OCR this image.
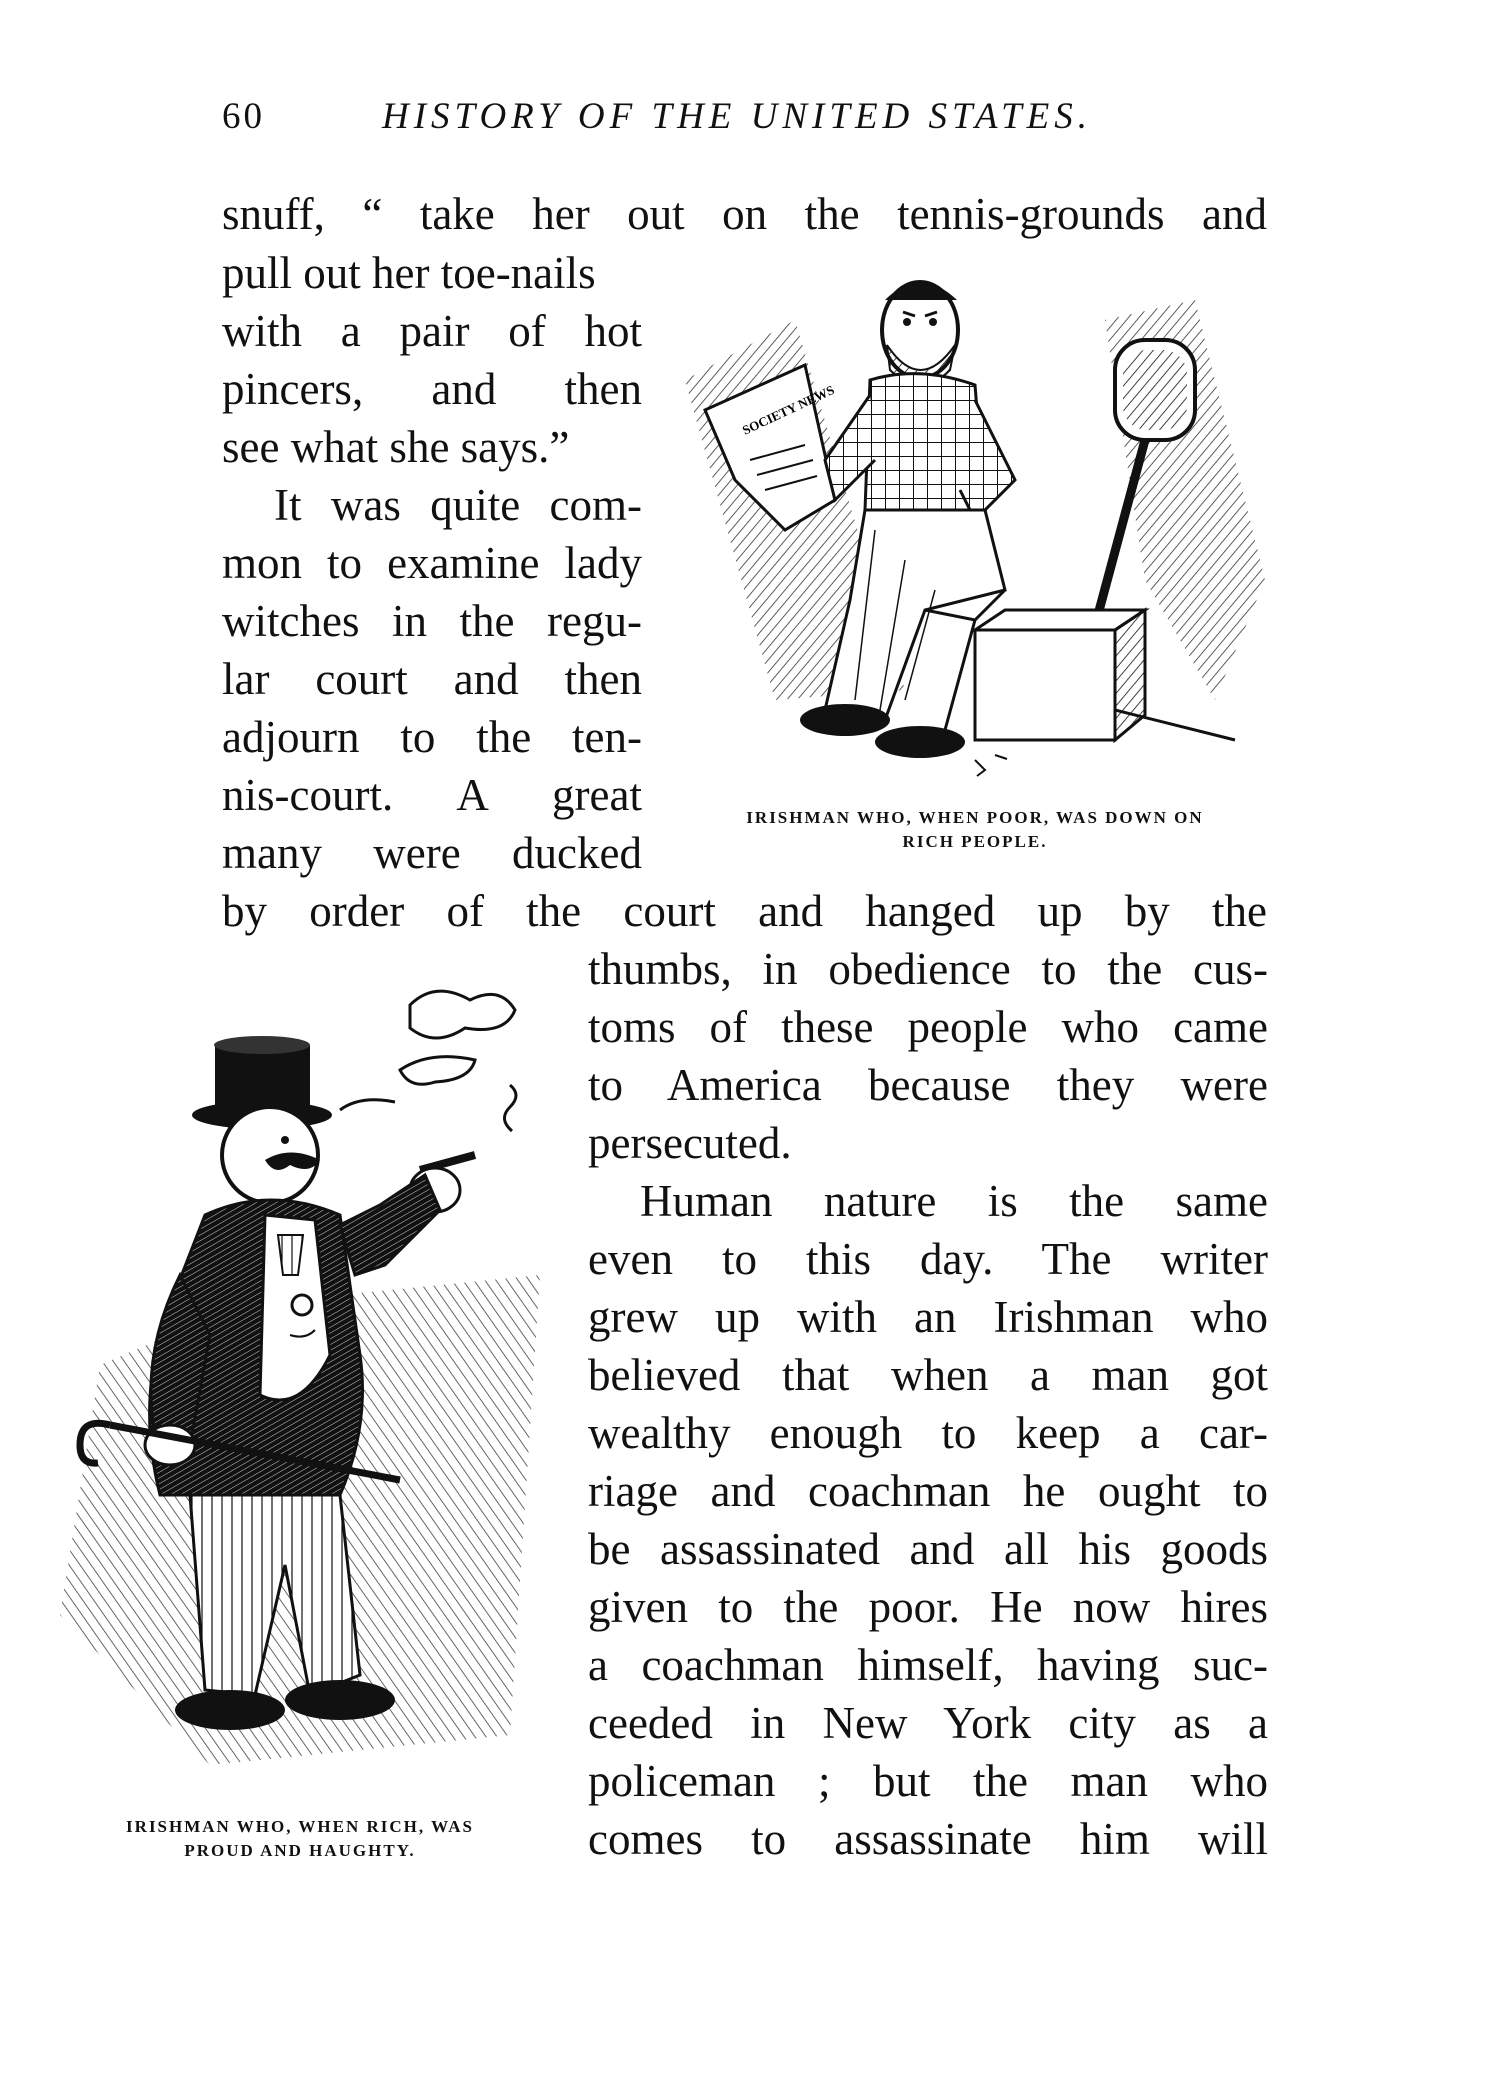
60	HISTORY OF THE UNITED STATES.
snuff, “ take her out on the tennis-grounds and
pull out her toe-nails
with a pair of hot
pincers, and then
see what she says.”
It was quite com-
mon to examine lady
witches in the regu-
lar court and then
adjourn to the ten-
nis-court. A great
many were ducked
by order of the court and hanged up by the
thumbs, in obedience to the cus-
toms of these people who came
to America because they were
persecuted.
Human nature is the same
even to this day. The writer
grew up with an Irishman who
believed that when a man got
wealthy enough to keep a car-
riage and coachman he ought to
be assassinated and all his goods
given to the poor. He now hires
a coachman himself, having suc-
ceeded in New York city as a
policeman ; but the man who
comes to assassinate him will
SOCIETY NEWS
IRISHMAN WHO, WHEN POOR, WAS DOWN ON
RICH PEOPLE.
IRISHMAN WHO, WHEN RICH, WAS
PROUD AND HAUGHTY.
